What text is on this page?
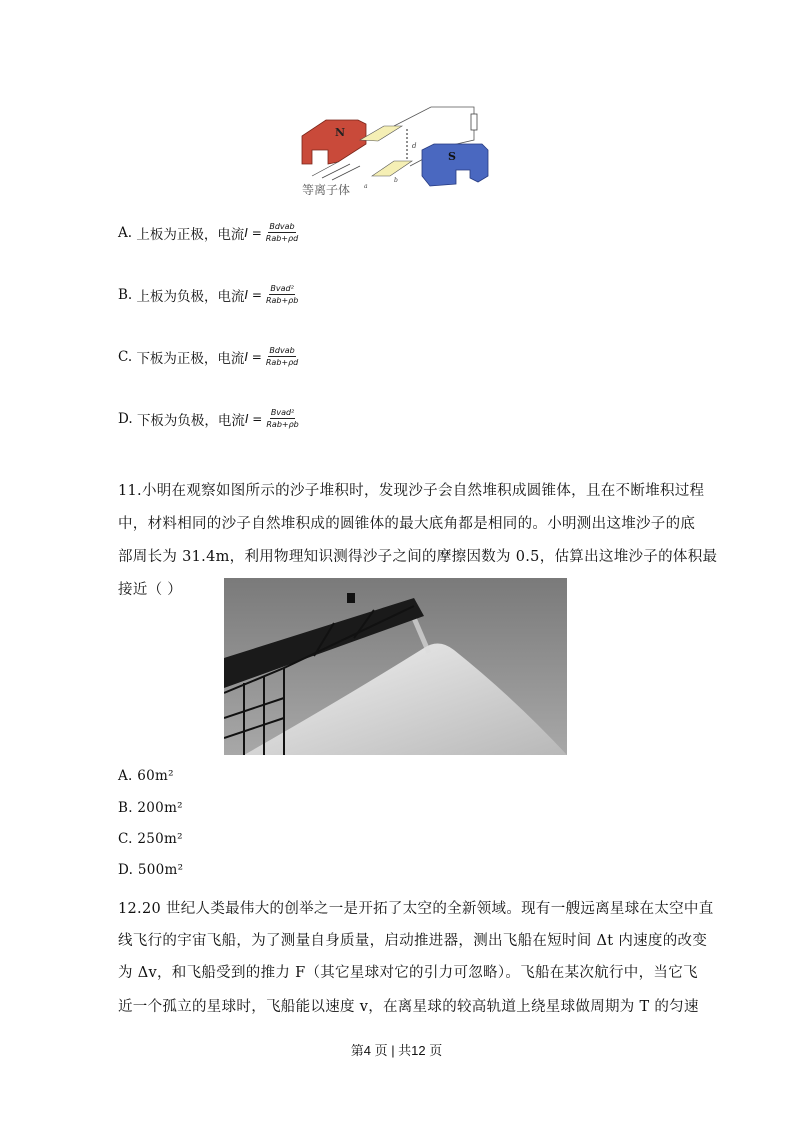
N
d
S
a
b
等离子体
A.
上板为正极，电流 $I = \frac{\text{Bdvab}}{\text{Rab+ρd}}$
B.
上板为负极，电流 $I = \frac{\text{Bvad²}}{\text{Rab+ρb}}$
C.
下板为正极，电流 $I = \frac{\text{Bdvab}}{\text{Rab+ρd}}$
D.
下板为负极，电流 $I = \frac{\text{Bvad²}}{\text{Rab+ρb}}$
11.小明在观察如图所示的沙子堆积时，发现沙子会自然堆积成圆锥体，且在不断堆积过程
中，材料相同的沙子自然堆积成的圆锥体的最大底角都是相同的。小明测出这堆沙子的底
部周长为 31.4m，利用物理知识测得沙子之间的摩擦因数为 0.5，估算出这堆沙子的体积最
接近（ ）
A. 60m²
B. 200m²
C. 250m²
D. 500m²
12.20 世纪人类最伟大的创举之一是开拓了太空的全新领域。现有一艘远离星球在太空中直
线飞行的宇宙飞船，为了测量自身质量，启动推进器，测出飞船在短时间 Δt 内速度的改变
为 Δv，和飞船受到的推力 F（其它星球对它的引力可忽略）。飞船在某次航行中，当它飞
近一个孤立的星球时，飞船能以速度 v，在离星球的较高轨道上绕星球做周期为 T 的匀速
第4 页 | 共12 页
